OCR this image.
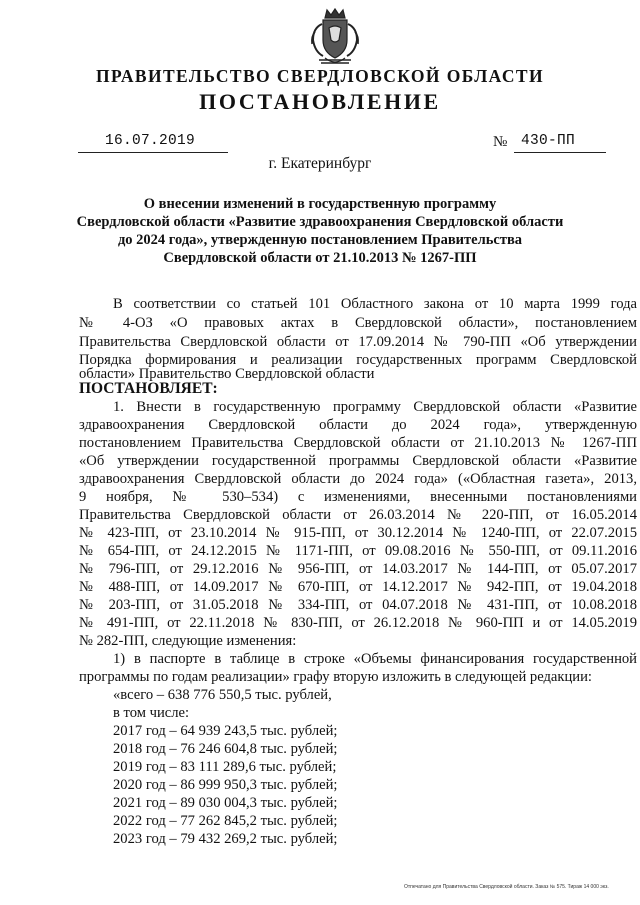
ПРАВИТЕЛЬСТВО СВЕРДЛОВСКОЙ ОБЛАСТИ
ПОСТАНОВЛЕНИЕ
16.07.2019	№ 430-ПП
г. Екатеринбург
О внесении изменений в государственную программу
Свердловской области «Развитие здравоохранения Свердловской области
до 2024 года», утвержденную постановлением Правительства
Свердловской области от 21.10.2013 № 1267-ПП
В соответствии со статьей 101 Областного закона от 10 марта 1999 года
№ 4-ОЗ «О правовых актах в Свердловской области», постановлением
Правительства Свердловской области от 17.09.2014 № 790-ПП «Об утверждении
Порядка формирования и реализации государственных программ Свердловской
области» Правительство Свердловской области
ПОСТАНОВЛЯЕТ:
1. Внести в государственную программу Свердловской области «Развитие
здравоохранения Свердловской области до 2024 года», утвержденную
постановлением Правительства Свердловской области от 21.10.2013 № 1267-ПП
«Об утверждении государственной программы Свердловской области «Развитие
здравоохранения Свердловской области до 2024 года» («Областная газета», 2013,
9 ноября, № 530–534) с изменениями, внесенными постановлениями
Правительства Свердловской области от 26.03.2014 № 220-ПП, от 16.05.2014
№ 423-ПП, от 23.10.2014 № 915-ПП, от 30.12.2014 № 1240-ПП, от 22.07.2015
№ 654-ПП, от 24.12.2015 № 1171-ПП, от 09.08.2016 № 550-ПП, от 09.11.2016
№ 796-ПП, от 29.12.2016 № 956-ПП, от 14.03.2017 № 144-ПП, от 05.07.2017
№ 488-ПП, от 14.09.2017 № 670-ПП, от 14.12.2017 № 942-ПП, от 19.04.2018
№ 203-ПП, от 31.05.2018 № 334-ПП, от 04.07.2018 № 431-ПП, от 10.08.2018
№ 491-ПП, от 22.11.2018 № 830-ПП, от 26.12.2018 № 960-ПП и от 14.05.2019
№ 282-ПП, следующие изменения:
1) в паспорте в таблице в строке «Объемы финансирования государственной
программы по годам реализации» графу вторую изложить в следующей редакции:
«всего – 638 776 550,5 тыс. рублей,
в том числе:
2017 год – 64 939 243,5 тыс. рублей;
2018 год – 76 246 604,8 тыс. рублей;
2019 год – 83 111 289,6 тыс. рублей;
2020 год – 86 999 950,3 тыс. рублей;
2021 год – 89 030 004,3 тыс. рублей;
2022 год – 77 262 845,2 тыс. рублей;
2023 год – 79 432 269,2 тыс. рублей;
Отпечатано для Правительства Свердловской области. Заказ № 575. Тираж 14 000 экз.
